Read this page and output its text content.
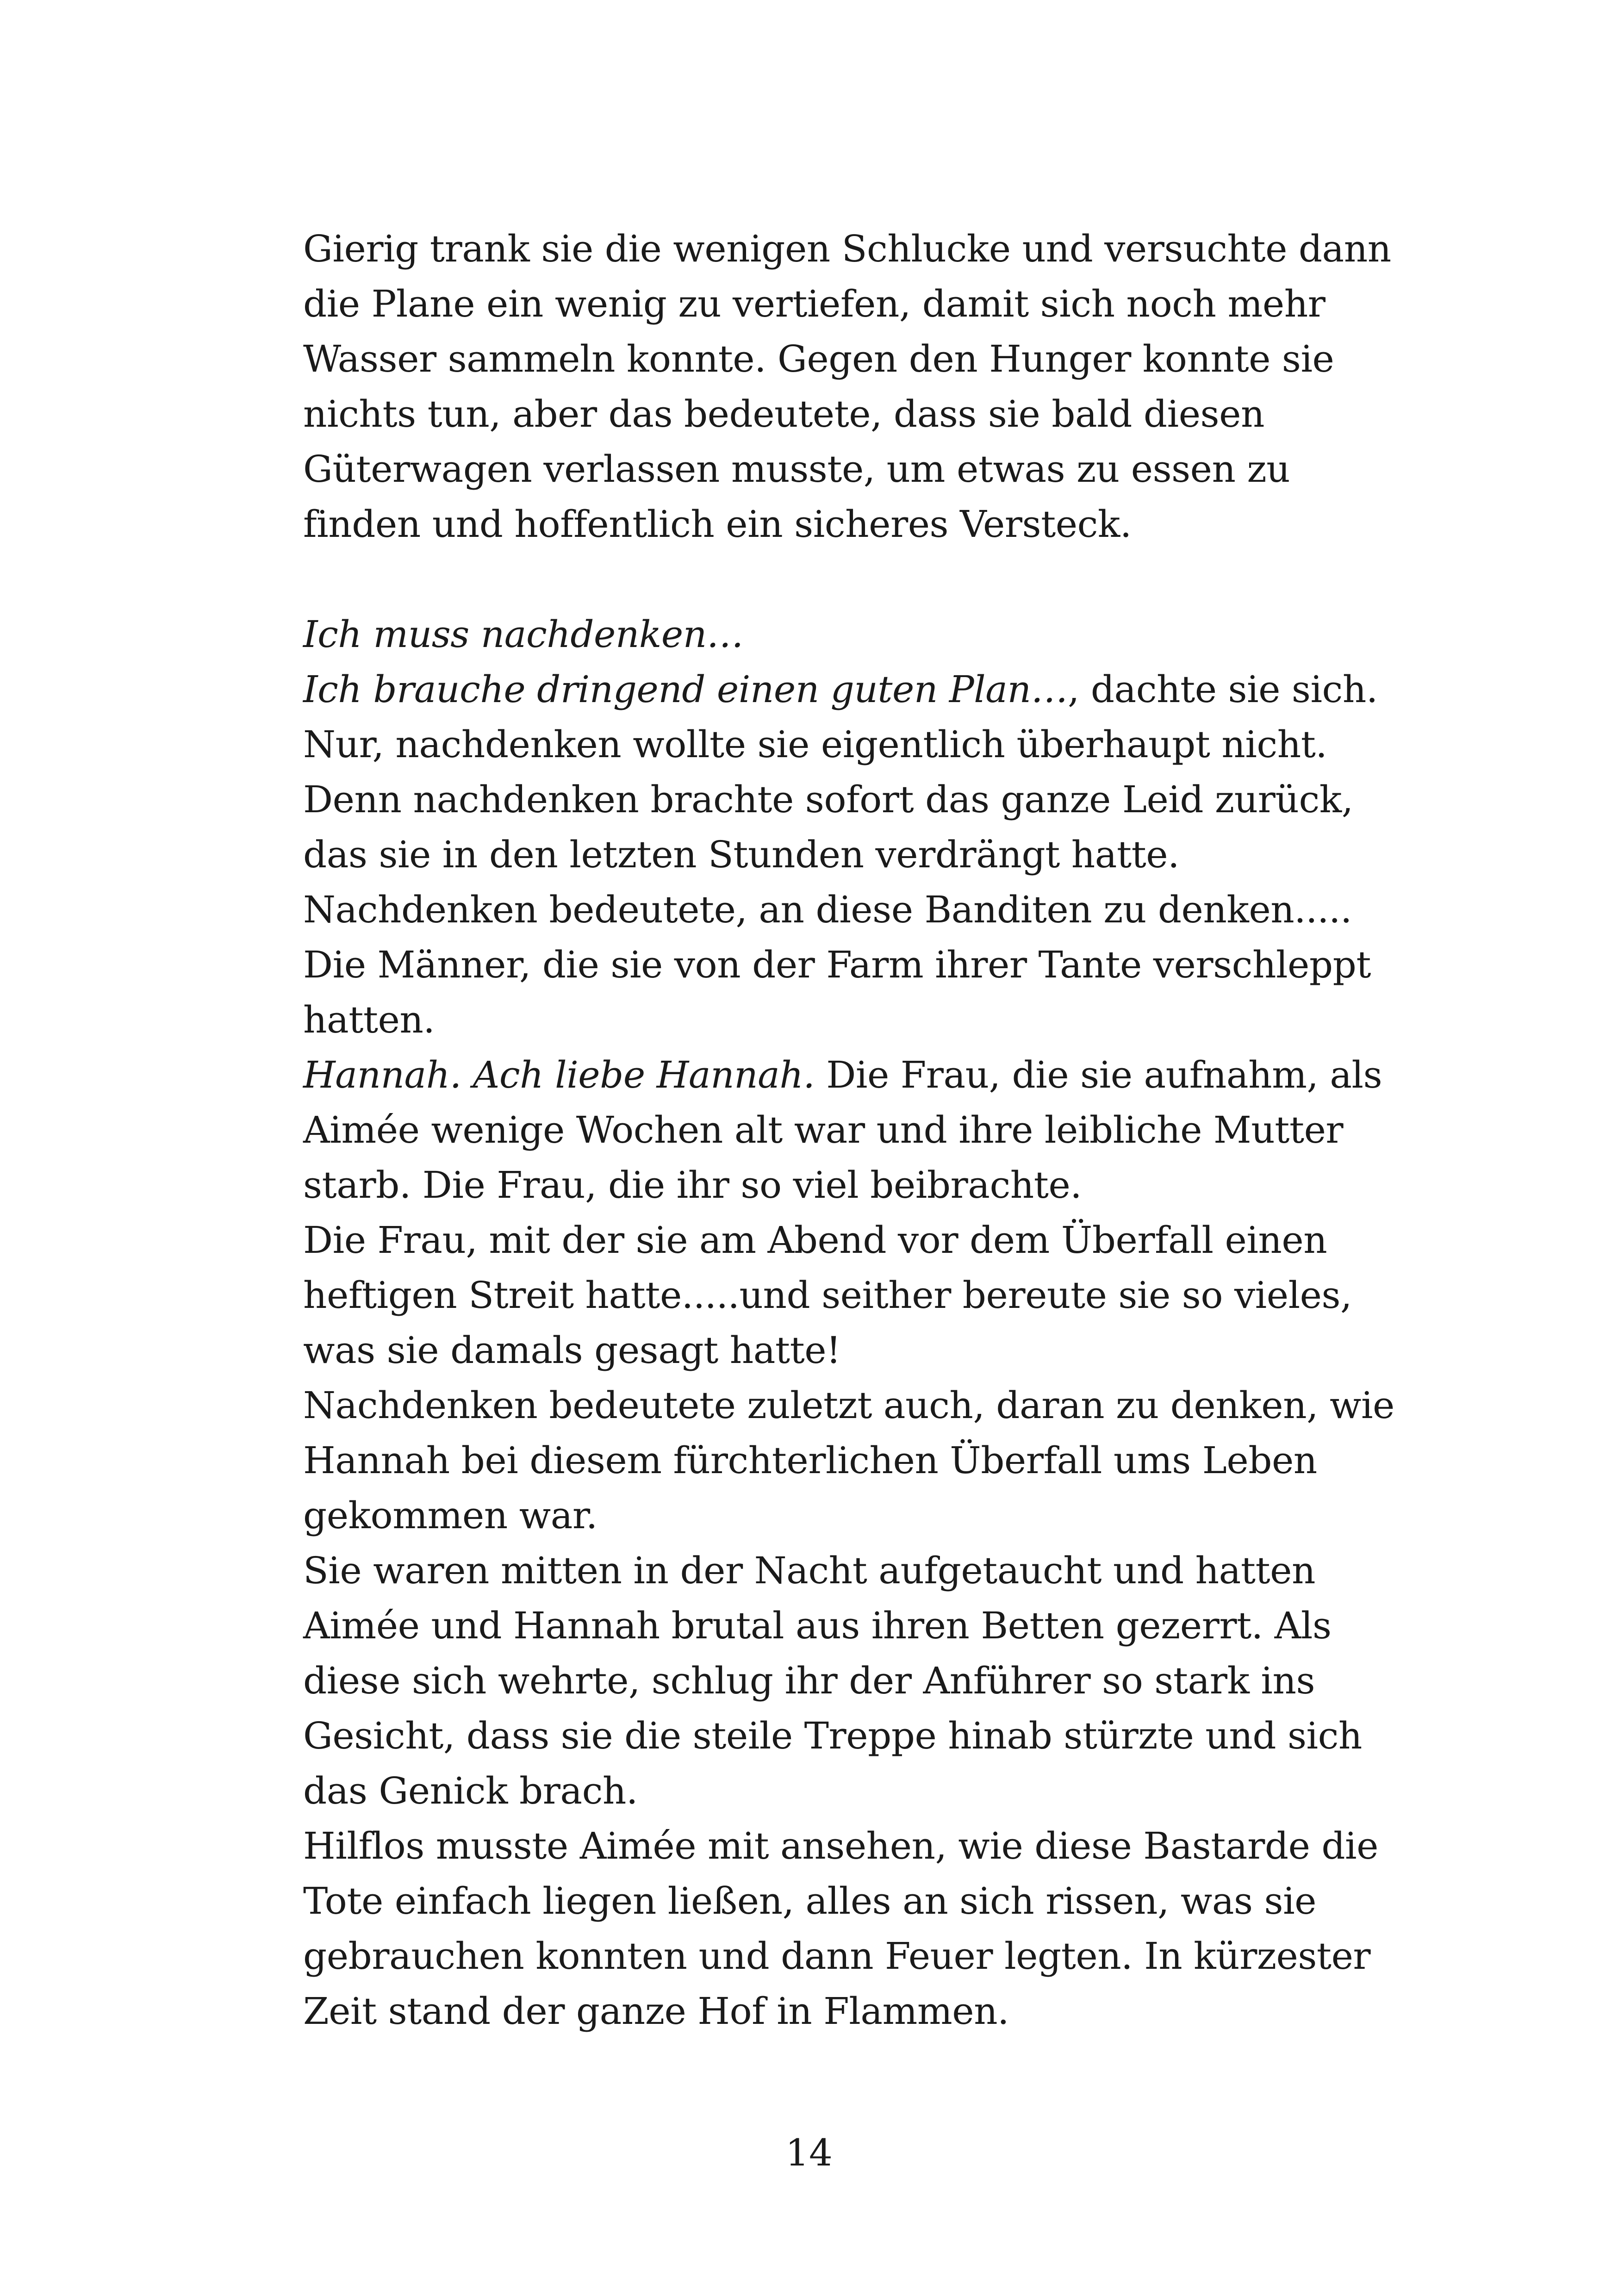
Gierig trank sie die wenigen Schlucke und versuchte dann
die Plane ein wenig zu vertiefen, damit sich noch mehr
Wasser sammeln konnte. Gegen den Hunger konnte sie
nichts tun, aber das bedeutete, dass sie bald diesen
Güterwagen verlassen musste, um etwas zu essen zu
finden und hoffentlich ein sicheres Versteck.
Ich muss nachdenken…
Ich brauche dringend einen guten Plan…, dachte sie sich.
Nur, nachdenken wollte sie eigentlich überhaupt nicht.
Denn nachdenken brachte sofort das ganze Leid zurück,
das sie in den letzten Stunden verdrängt hatte.
Nachdenken bedeutete, an diese Banditen zu denken.....
Die Männer, die sie von der Farm ihrer Tante verschleppt
hatten.
Hannah. Ach liebe Hannah. Die Frau, die sie aufnahm, als
Aimée wenige Wochen alt war und ihre leibliche Mutter
starb. Die Frau, die ihr so viel beibrachte.
Die Frau, mit der sie am Abend vor dem Überfall einen
heftigen Streit hatte.....und seither bereute sie so vieles,
was sie damals gesagt hatte!
Nachdenken bedeutete zuletzt auch, daran zu denken, wie
Hannah bei diesem fürchterlichen Überfall ums Leben
gekommen war.
Sie waren mitten in der Nacht aufgetaucht und hatten
Aimée und Hannah brutal aus ihren Betten gezerrt. Als
diese sich wehrte, schlug ihr der Anführer so stark ins
Gesicht, dass sie die steile Treppe hinab stürzte und sich
das Genick brach.
Hilflos musste Aimée mit ansehen, wie diese Bastarde die
Tote einfach liegen ließen, alles an sich rissen, was sie
gebrauchen konnten und dann Feuer legten. In kürzester
Zeit stand der ganze Hof in Flammen.
14
